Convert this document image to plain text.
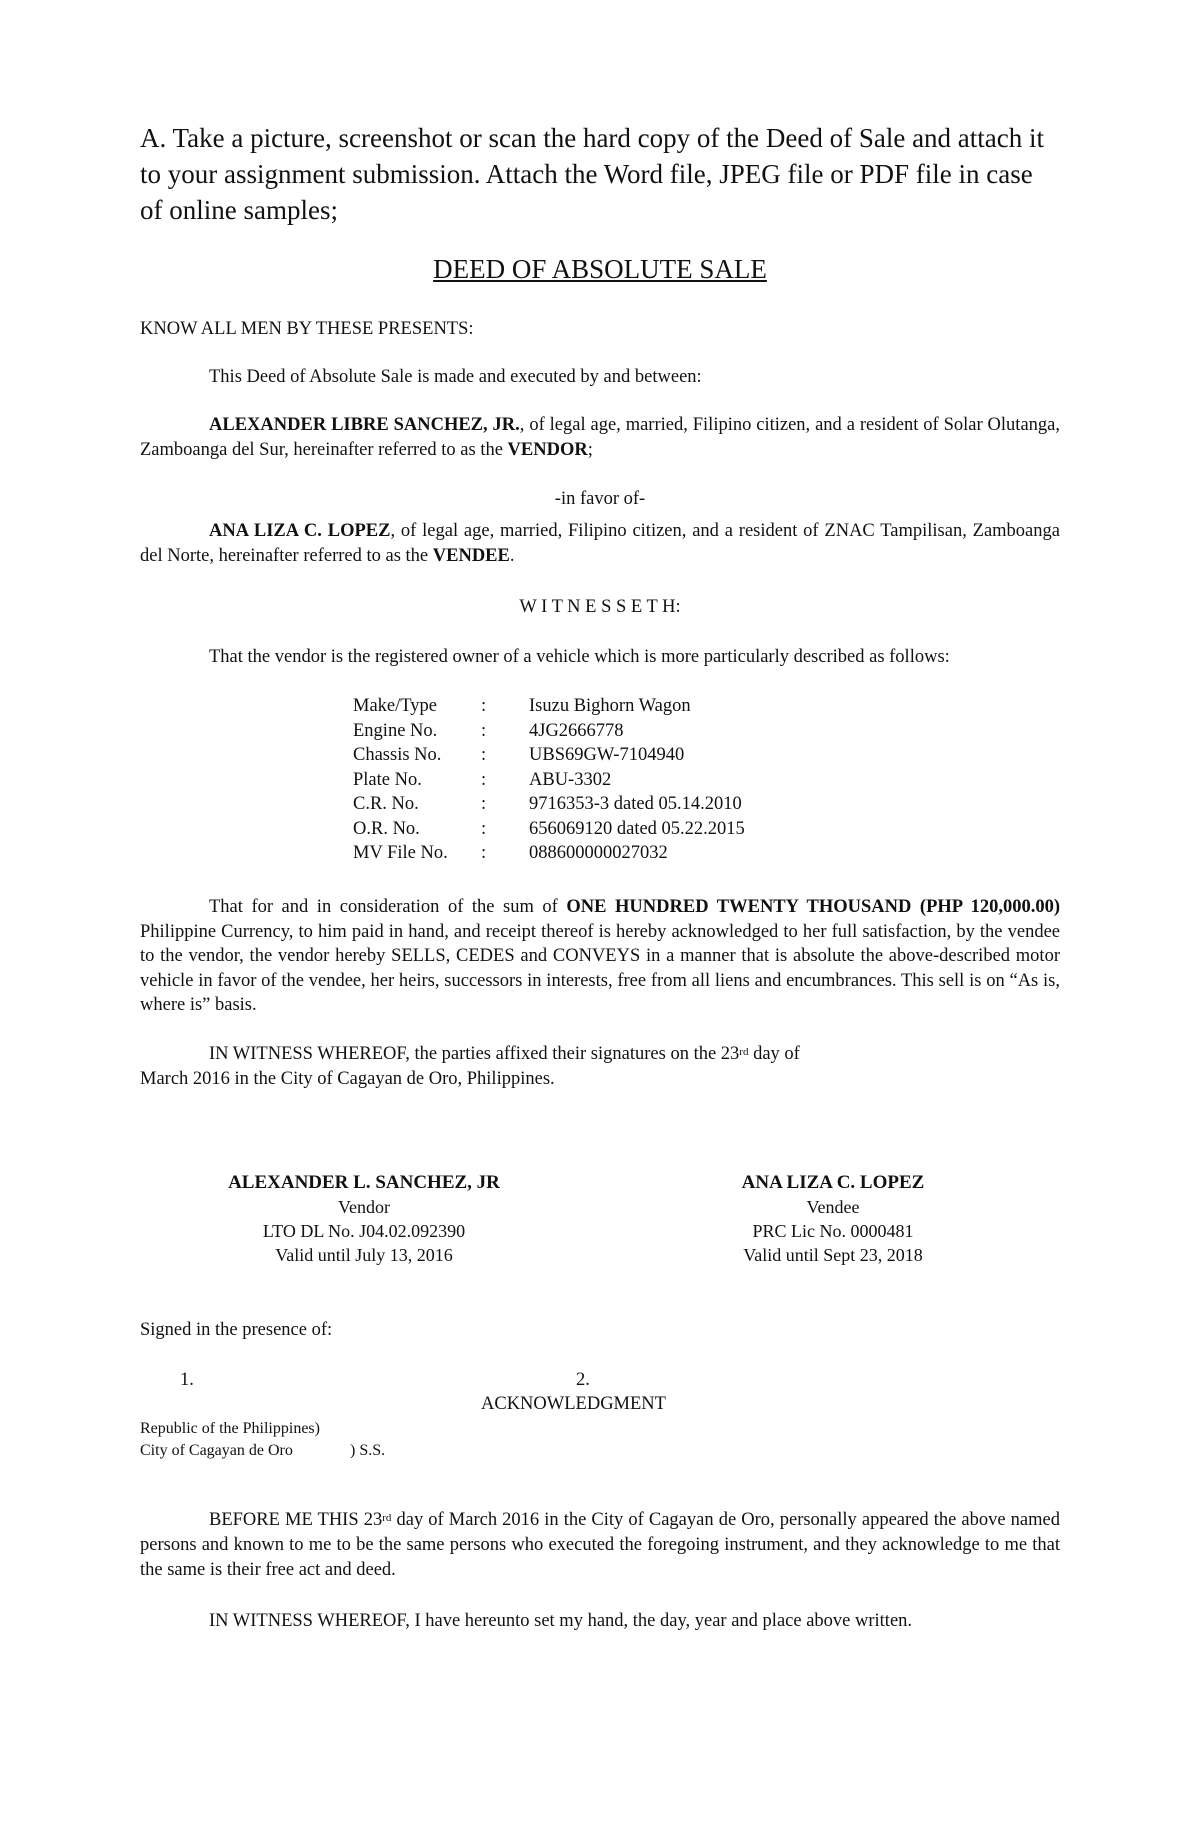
A. Take a picture, screenshot or scan the hard copy of the Deed of Sale and attach it to your assignment submission. Attach the Word file, JPEG file or PDF file in case of online samples;
DEED OF ABSOLUTE SALE
KNOW ALL MEN BY THESE PRESENTS:
This Deed of Absolute Sale is made and executed by and between:
ALEXANDER LIBRE SANCHEZ, JR., of legal age, married, Filipino citizen, and a resident of Solar Olutanga, Zamboanga del Sur, hereinafter referred to as the VENDOR;
-in favor of-
ANA LIZA C. LOPEZ, of legal age, married, Filipino citizen, and a resident of ZNAC Tampilisan, Zamboanga del Norte, hereinafter referred to as the VENDEE.
W I T N E S S E T H:
That the vendor is the registered owner of a vehicle which is more particularly described as follows:
Make/Type : Isuzu Bighorn Wagon
Engine No. : 4JG2666778
Chassis No. : UBS69GW-7104940
Plate No.	: ABU-3302
C.R. No.	: 9716353-3 dated 05.14.2010
O.R. No.	: 656069120 dated 05.22.2015
MV File No. : 088600000027032
That for and in consideration of the sum of ONE HUNDRED TWENTY THOUSAND (PHP 120,000.00) Philippine Currency, to him paid in hand, and receipt thereof is hereby acknowledged to her full satisfaction, by the vendee to the vendor, the vendor hereby SELLS, CEDES and CONVEYS in a manner that is absolute the above-described motor vehicle in favor of the vendee, her heirs, successors in interests, free from all liens and encumbrances. This sell is on “As is, where is” basis.
IN WITNESS WHEREOF, the parties affixed their signatures on the 23rd day of
March 2016 in the City of Cagayan de Oro, Philippines.
ALEXANDER L. SANCHEZ, JR
Vendor
LTO DL No. J04.02.092390
Valid until July 13, 2016
ANA LIZA C. LOPEZ
Vendee
PRC Lic No. 0000481
Valid until Sept 23, 2018
Signed in the presence of:
1.	2.
ACKNOWLEDGMENT
Republic of the Philippines)
City of Cagayan de Oro	) S.S.
BEFORE ME THIS 23rd day of March 2016 in the City of Cagayan de Oro, personally appeared the above named persons and known to me to be the same persons who executed the foregoing instrument, and they acknowledge to me that the same is their free act and deed.
IN WITNESS WHEREOF, I have hereunto set my hand, the day, year and place above written.
